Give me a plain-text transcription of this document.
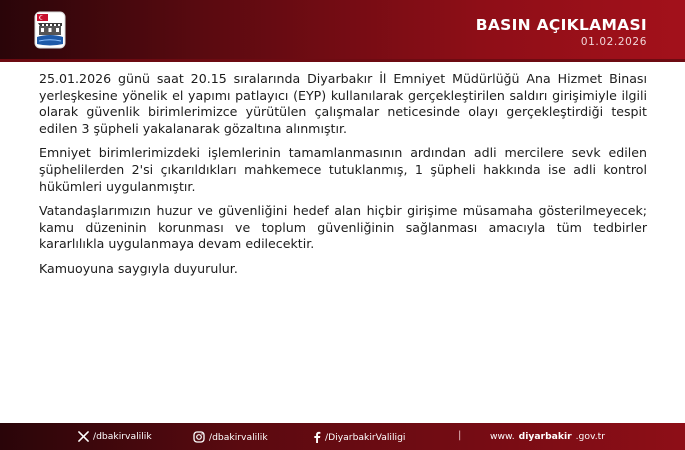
BASIN AÇIKLAMASI
01.02.2026

25.01.2026 günü saat 20.15 sıralarında Diyarbakır İl Emniyet Müdürlüğü Ana Hizmet Binası yerleşkesine yönelik el yapımı patlayıcı (EYP) kullanılarak gerçekleştirilen saldırı girişimiyle ilgili olarak güvenlik birimlerimizce yürütülen çalışmalar neticesinde olayı gerçekleştirdiği tespit edilen 3 şüpheli yakalanarak gözaltına alınmıştır.

Emniyet birimlerimizdeki işlemlerinin tamamlanmasının ardından adli mercilere sevk edilen şüphelilerden 2'si çıkarıldıkları mahkemece tutuklanmış, 1 şüpheli hakkında ise adli kontrol hükümleri uygulanmıştır.

Vatandaşlarımızın huzur ve güvenliğini hedef alan hiçbir girişime müsamaha gösterilmeyecek; kamu düzeninin korunması ve toplum güvenliğinin sağlanması amacıyla tüm tedbirler kararlılıkla uygulanmaya devam edilecektir.

Kamuoyuna saygıyla duyurulur.

/dbakirvalilik	/dbakirvalilik	/DiyarbakirValiligi	|	www. diyarbakir .gov.tr
